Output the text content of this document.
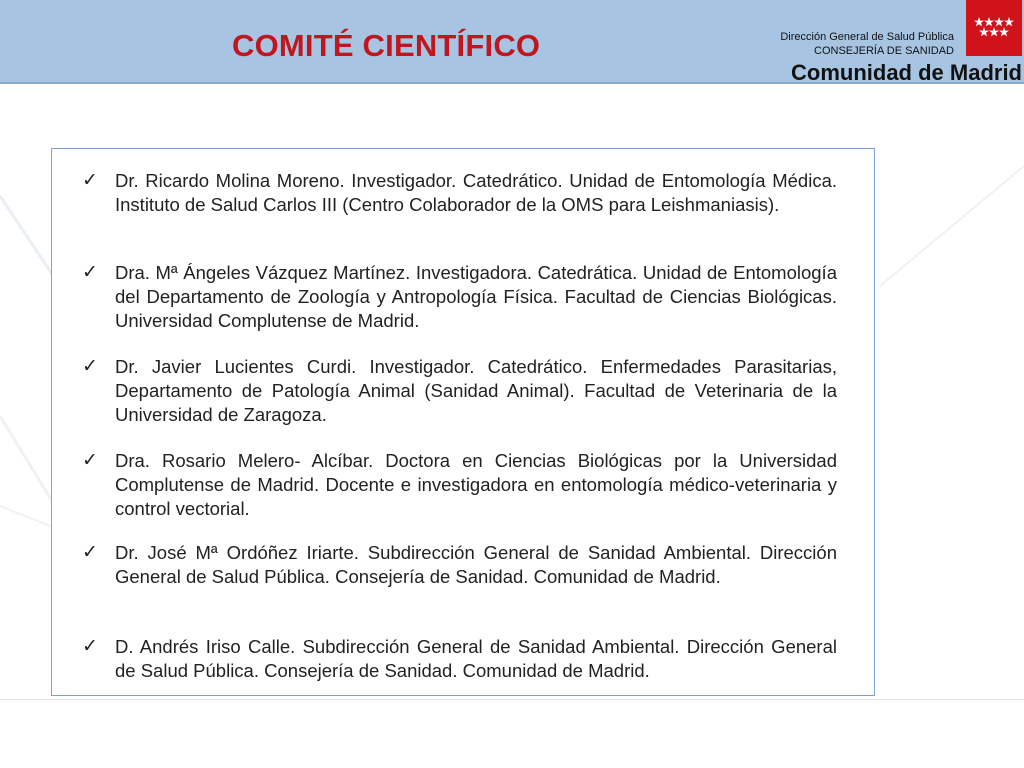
COMITÉ CIENTÍFICO	Dirección General de Salud Pública
CONSEJERÍA DE SANIDAD
Comunidad de Madrid
✓ Dr. Ricardo Molina Moreno. Investigador. Catedrático. Unidad de Entomología Médica. Instituto de Salud Carlos III (Centro Colaborador de la OMS para Leishmaniasis).
✓ Dra. Mª Ángeles Vázquez Martínez. Investigadora. Catedrática. Unidad de Entomología del Departamento de Zoología y Antropología Física. Facultad de Ciencias Biológicas. Universidad Complutense de Madrid.
✓ Dr. Javier Lucientes Curdi. Investigador. Catedrático. Enfermedades Parasitarias, Departamento de Patología Animal (Sanidad Animal). Facultad de Veterinaria de la Universidad de Zaragoza.
✓ Dra. Rosario Melero- Alcíbar. Doctora en Ciencias Biológicas por la Universidad Complutense de Madrid. Docente e investigadora en entomología médico-veterinaria y control vectorial.
✓ Dr. José Mª Ordóñez Iriarte. Subdirección General de Sanidad Ambiental. Dirección General de Salud Pública. Consejería de Sanidad. Comunidad de Madrid.
✓ D. Andrés Iriso Calle. Subdirección General de Sanidad Ambiental. Dirección General de Salud Pública. Consejería de Sanidad. Comunidad de Madrid.
